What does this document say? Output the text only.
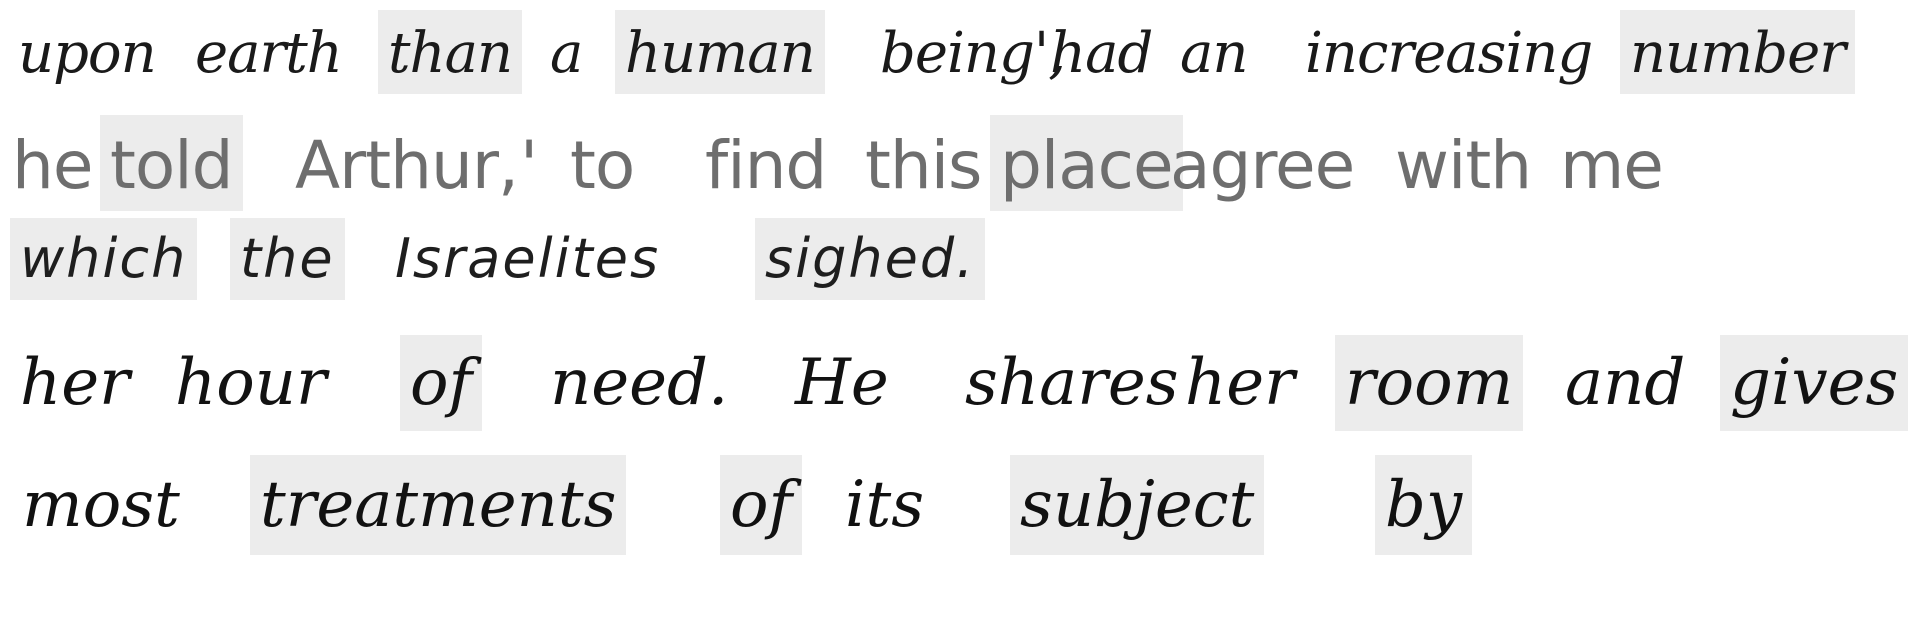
upon earth than a human being',
had an increasing number
he told Arthur, ' to find this place
agree with me
which the Israelites sighed.
her hour of need. He shares her room and gives
most treatments of its subject by
